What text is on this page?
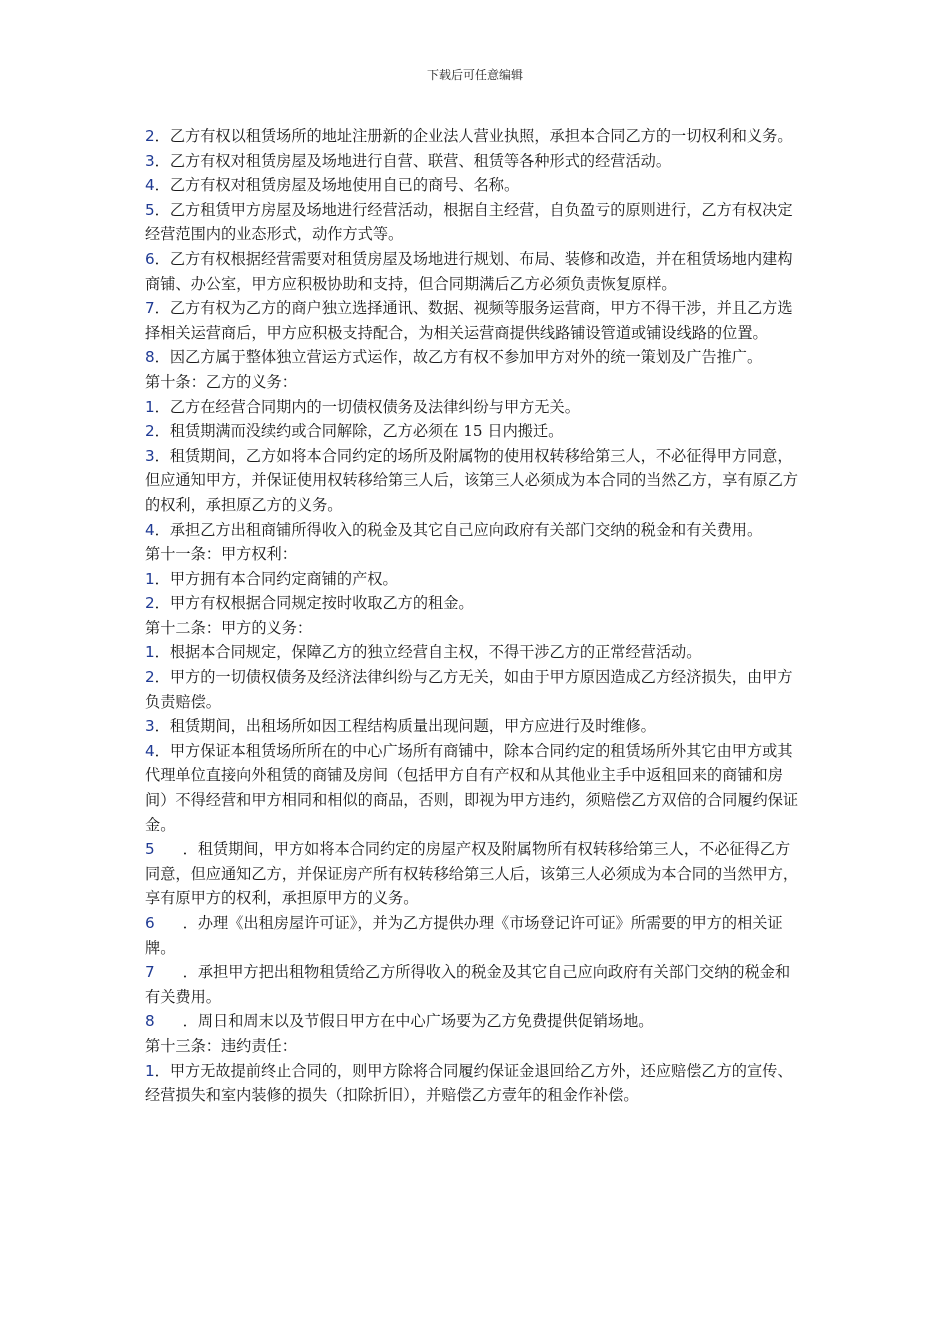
下载后可任意编辑

2．乙方有权以租赁场所的地址注册新的企业法人营业执照，承担本合同乙方的一切权利和义务。

3．乙方有权对租赁房屋及场地进行自营、联营、租赁等各种形式的经营活动。

4．乙方有权对租赁房屋及场地使用自已的商号、名称。

5．乙方租赁甲方房屋及场地进行经营活动，根据自主经营，自负盈亏的原则进行，乙方有权决定经营范围内的业态形式，动作方式等。

6．乙方有权根据经营需要对租赁房屋及场地进行规划、布局、装修和改造，并在租赁场地内建构商铺、办公室，甲方应积极协助和支持，但合同期满后乙方必须负责恢复原样。

7．乙方有权为乙方的商户独立选择通讯、数据、视频等服务运营商，甲方不得干涉，并且乙方选择相关运营商后，甲方应积极支持配合，为相关运营商提供线路铺设管道或铺设线路的位置。

8．因乙方属于整体独立营运方式运作，故乙方有权不参加甲方对外的统一策划及广告推广。

第十条：乙方的义务：

1．乙方在经营合同期内的一切债权债务及法律纠纷与甲方无关。

2．租赁期满而没续约或合同解除，乙方必须在 15 日内搬迁。

3．租赁期间，乙方如将本合同约定的场所及附属物的使用权转移给第三人，不必征得甲方同意，但应通知甲方，并保证使用权转移给第三人后，该第三人必须成为本合同的当然乙方，享有原乙方的权利，承担原乙方的义务。

4．承担乙方出租商铺所得收入的税金及其它自己应向政府有关部门交纳的税金和有关费用。

第十一条：甲方权利：

1．甲方拥有本合同约定商铺的产权。

2．甲方有权根据合同规定按时收取乙方的租金。

第十二条：甲方的义务：

1．根据本合同规定，保障乙方的独立经营自主权，不得干涉乙方的正常经营活动。

2．甲方的一切债权债务及经济法律纠纷与乙方无关，如由于甲方原因造成乙方经济损失，由甲方负责赔偿。

3．租赁期间，出租场所如因工程结构质量出现问题，甲方应进行及时维修。

4．甲方保证本租赁场所所在的中心广场所有商铺中，除本合同约定的租赁场所外其它由甲方或其代理单位直接向外租赁的商铺及房间（包括甲方自有产权和从其他业主手中返租回来的商铺和房间）不得经营和甲方相同和相似的商品，否则，即视为甲方违约，须赔偿乙方双倍的合同履约保证金。

5 ．租赁期间，甲方如将本合同约定的房屋产权及附属物所有权转移给第三人，不必征得乙方同意，但应通知乙方，并保证房产所有权转移给第三人后，该第三人必须成为本合同的当然甲方，享有原甲方的权利，承担原甲方的义务。

6 ．办理《出租房屋许可证》，并为乙方提供办理《市场登记许可证》所需要的甲方的相关证牌。

7 ．承担甲方把出租物租赁给乙方所得收入的税金及其它自己应向政府有关部门交纳的税金和有关费用。

8 ．周日和周末以及节假日甲方在中心广场要为乙方免费提供促销场地。

第十三条：违约责任：

1．甲方无故提前终止合同的，则甲方除将合同履约保证金退回给乙方外，还应赔偿乙方的宣传、经营损失和室内装修的损失（扣除折旧），并赔偿乙方壹年的租金作补偿。
